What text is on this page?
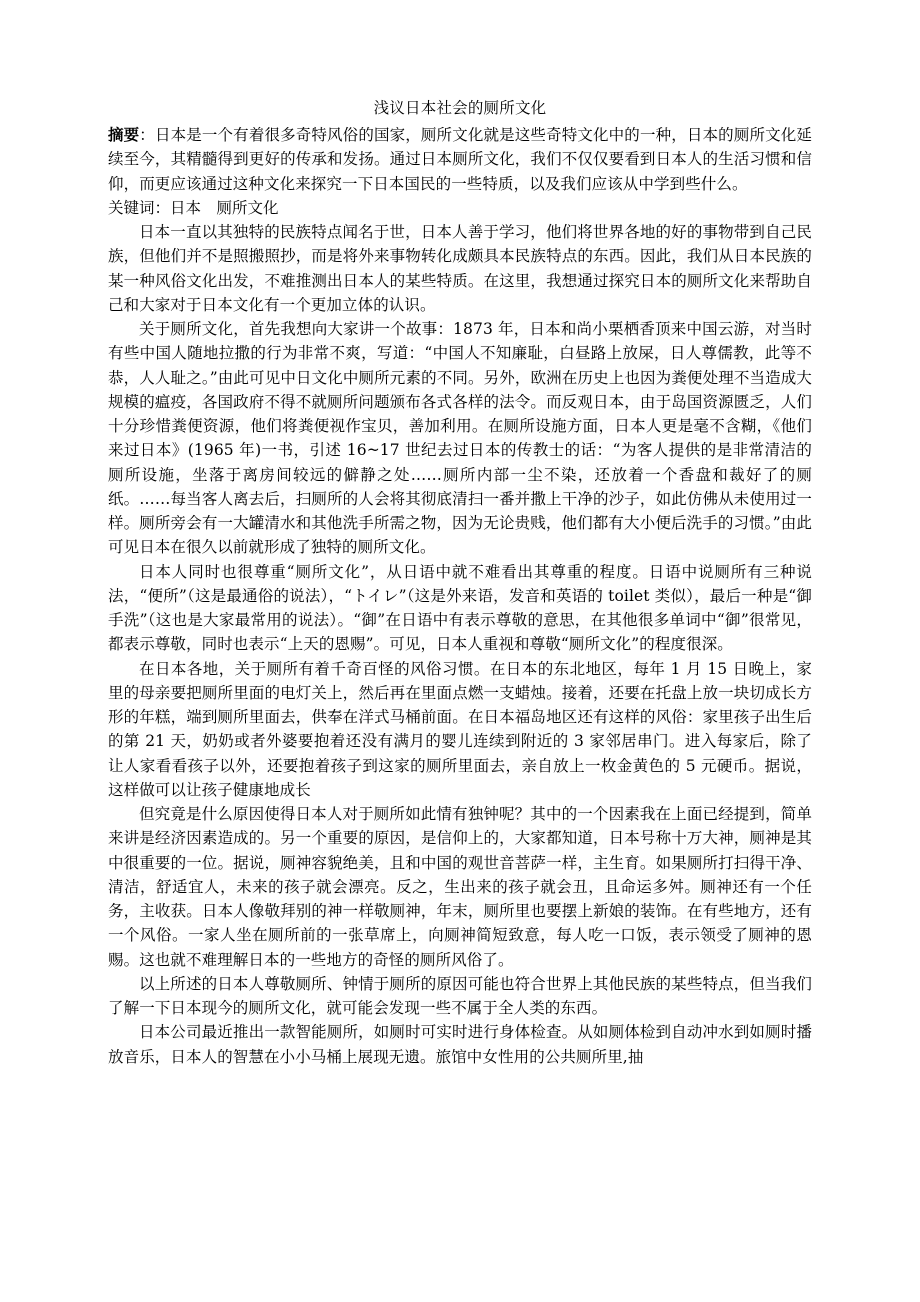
浅议日本社会的厕所文化

摘要：日本是一个有着很多奇特风俗的国家，厕所文化就是这些奇特文化中的一种，日本的厕所文化延续至今，其精髓得到更好的传承和发扬。通过日本厕所文化，我们不仅仅要看到日本人的生活习惯和信仰，而更应该通过这种文化来探究一下日本国民的一些特质，以及我们应该从中学到些什么。

关键词：日本　厕所文化

日本一直以其独特的民族特点闻名于世，日本人善于学习，他们将世界各地的好的事物带到自己民族，但他们并不是照搬照抄，而是将外来事物转化成颇具本民族特点的东西。因此，我们从日本民族的某一种风俗文化出发，不难推测出日本人的某些特质。在这里，我想通过探究日本的厕所文化来帮助自己和大家对于日本文化有一个更加立体的认识。

关于厕所文化，首先我想向大家讲一个故事：1873 年，日本和尚小栗栖香顶来中国云游，对当时有些中国人随地拉撒的行为非常不爽，写道：“中国人不知廉耻，白昼路上放屎，日人尊儒教，此等不恭，人人耻之。”由此可见中日文化中厕所元素的不同。另外，欧洲在历史上也因为粪便处理不当造成大规模的瘟疫，各国政府不得不就厕所问题颁布各式各样的法令。而反观日本，由于岛国资源匮乏，人们十分珍惜粪便资源，他们将粪便视作宝贝，善加利用。在厕所设施方面，日本人更是毫不含糊，《他们来过日本》(1965 年)一书，引述 16~17 世纪去过日本的传教士的话：“为客人提供的是非常清洁的厕所设施，坐落于离房间较远的僻静之处……厕所内部一尘不染，还放着一个香盘和裁好了的厕纸。……每当客人离去后，扫厕所的人会将其彻底清扫一番并撒上干净的沙子，如此仿佛从未使用过一样。厕所旁会有一大罐清水和其他洗手所需之物，因为无论贵贱，他们都有大小便后洗手的习惯。”由此可见日本在很久以前就形成了独特的厕所文化。

日本人同时也很尊重“厕所文化”，从日语中就不难看出其尊重的程度。日语中说厕所有三种说法，“便所”（这是最通俗的说法），“トイレ”（这是外来语，发音和英语的 toilet 类似），最后一种是“御手洗”（这也是大家最常用的说法）。“御”在日语中有表示尊敬的意思，在其他很多单词中“御”很常见，都表示尊敬，同时也表示“上天的恩赐”。可见，日本人重视和尊敬“厕所文化”的程度很深。

在日本各地，关于厕所有着千奇百怪的风俗习惯。在日本的东北地区，每年 1 月 15 日晚上，家里的母亲要把厕所里面的电灯关上，然后再在里面点燃一支蜡烛。接着，还要在托盘上放一块切成长方形的年糕，端到厕所里面去，供奉在洋式马桶前面。在日本福岛地区还有这样的风俗：家里孩子出生后的第 21 天，奶奶或者外婆要抱着还没有满月的婴儿连续到附近的 3 家邻居串门。进入每家后，除了让人家看看孩子以外，还要抱着孩子到这家的厕所里面去，亲自放上一枚金黄色的 5 元硬币。据说，这样做可以让孩子健康地成长

但究竟是什么原因使得日本人对于厕所如此情有独钟呢？其中的一个因素我在上面已经提到，简单来讲是经济因素造成的。另一个重要的原因，是信仰上的，大家都知道，日本号称十万大神，厕神是其中很重要的一位。据说，厕神容貌绝美，且和中国的观世音菩萨一样，主生育。如果厕所打扫得干净、清洁，舒适宜人，未来的孩子就会漂亮。反之，生出来的孩子就会丑，且命运多舛。厕神还有一个任务，主收获。日本人像敬拜别的神一样敬厕神，年末，厕所里也要摆上新娘的装饰。在有些地方，还有一个风俗。一家人坐在厕所前的一张草席上，向厕神简短致意，每人吃一口饭，表示领受了厕神的恩赐。这也就不难理解日本的一些地方的奇怪的厕所风俗了。

以上所述的日本人尊敬厕所、钟情于厕所的原因可能也符合世界上其他民族的某些特点，但当我们了解一下日本现今的厕所文化，就可能会发现一些不属于全人类的东西。

日本公司最近推出一款智能厕所，如厕时可实时进行身体检查。从如厕体检到自动冲水到如厕时播放音乐，日本人的智慧在小小马桶上展现无遗。旅馆中女性用的公共厕所里,抽
